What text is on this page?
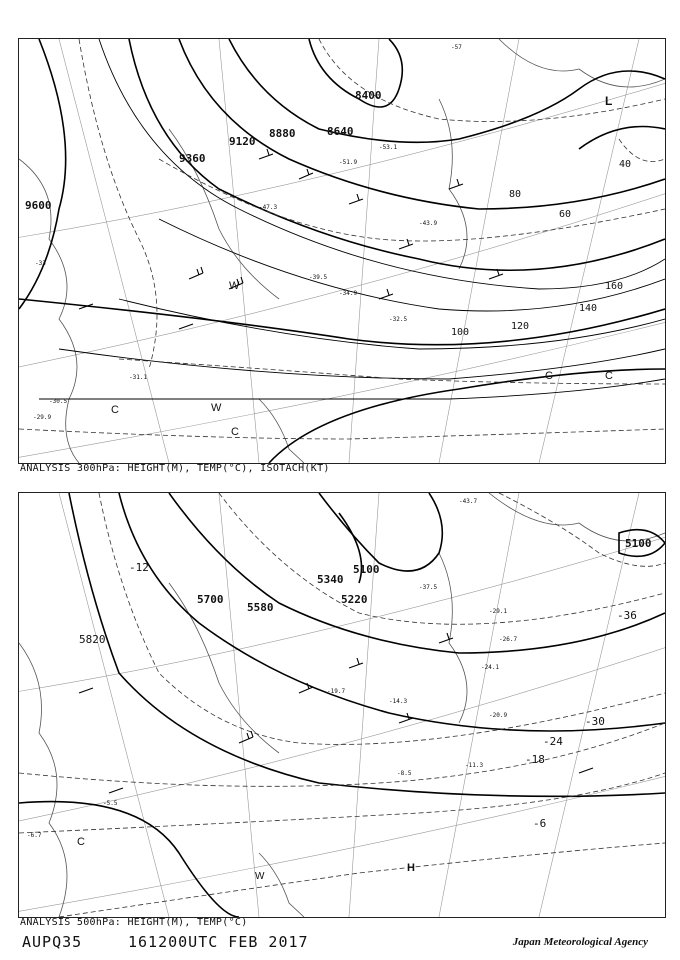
8400
8640
8880
9120
9360
9600
40
60
80
100
120
140
160
-57
-53.1
-51.9
-47.3
-43.9
-39.5
-34.9
-32.5
-31.1
-30.5
-29.9
-33
L
W
W
C
C
C	C
ANALYSIS 300hPa: HEIGHT(M), TEMP(°C), ISOTACH(KT)
5100
5100
5220
5340
5580
5700
5820
-12
-18
-24
-30
-36
-6
-43.7
-37.5
-29.1
-26.7
-24.1
-20.9
-19.7
-14.3
-11.3
-8.5
-5.5
-6.7
H
W
C
ANALYSIS 500hPa: HEIGHT(M), TEMP(°C)
AUPQ35	161200UTC FEB 2017	Japan Meteorological Agency
